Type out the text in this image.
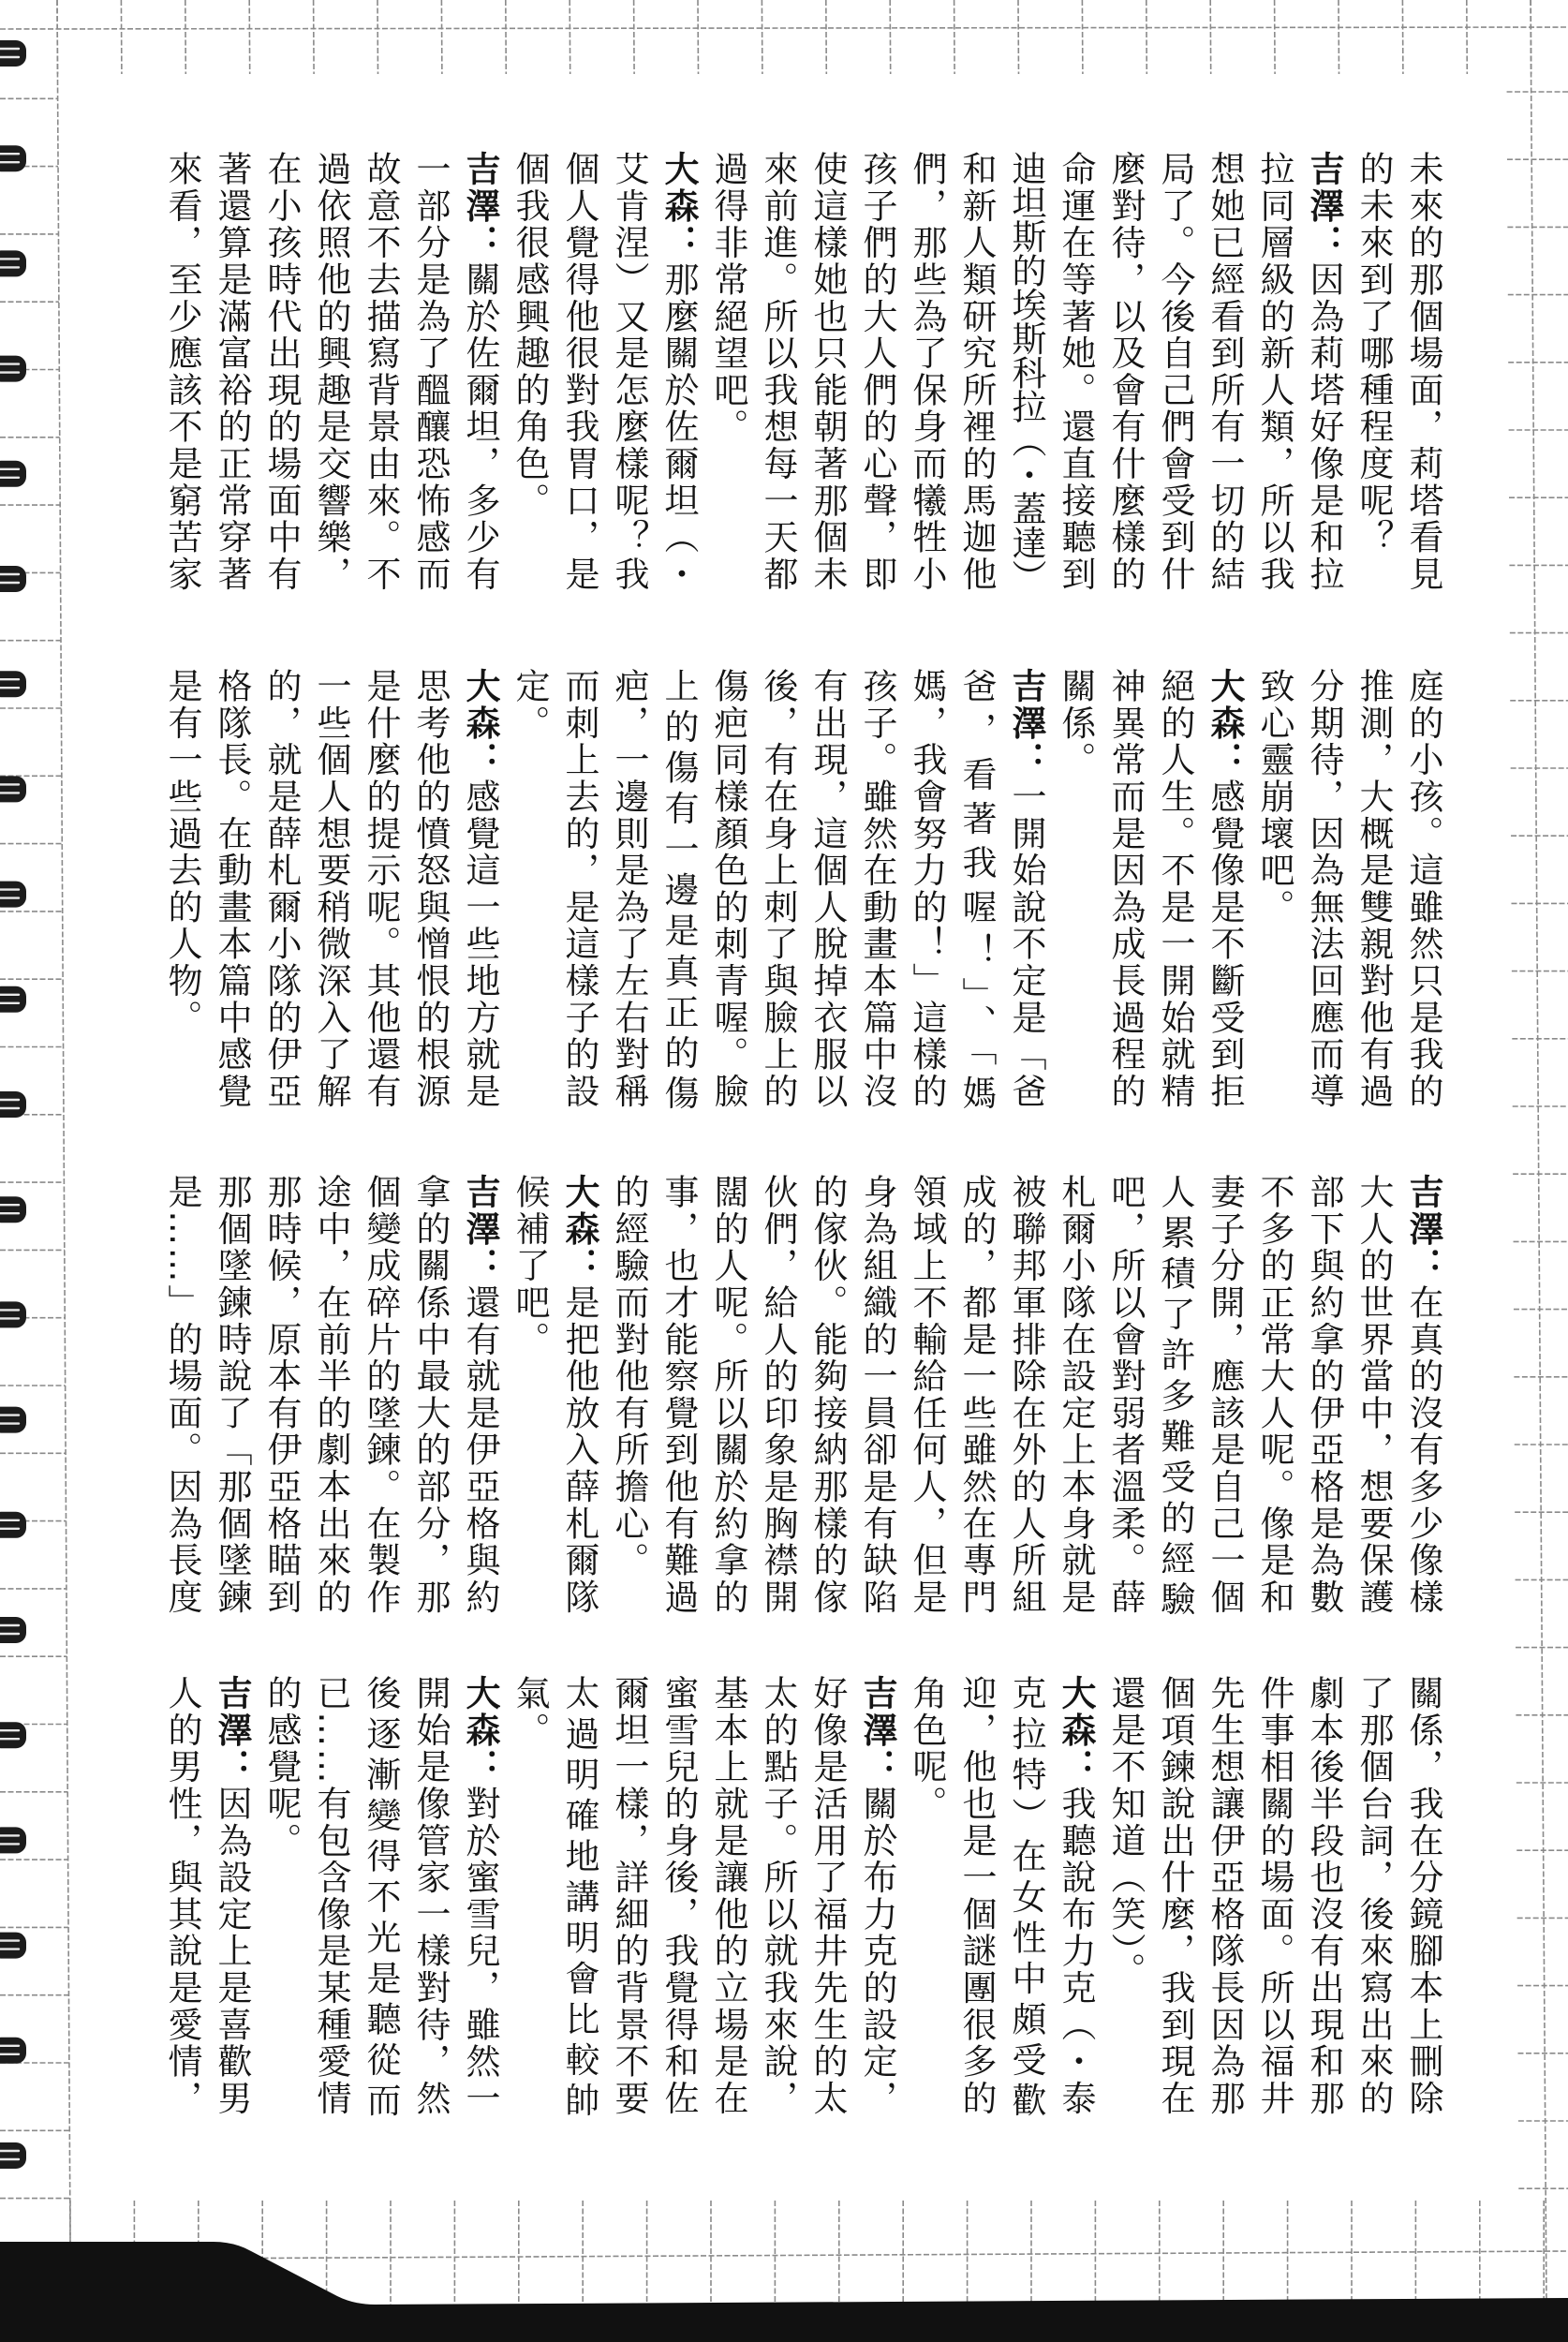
未來的那個場面，莉塔看見
的未來到了哪種程度呢？
吉澤：因為莉塔好像是和拉
拉同層級的新人類，所以我
想她已經看到所有一切的結
局了。今後自己們會受到什
麼對待，以及會有什麼樣的
命運在等著她。還直接聽到
迪坦斯的埃斯科拉（・蓋達）
和新人類研究所裡的馬迦他
們，那些為了保身而犧牲小
孩子們的大人們的心聲，即
使這樣她也只能朝著那個未
來前進。所以我想每一天都
過得非常絕望吧。
大森：那麼關於佐爾坦（・
艾肯涅）又是怎麼樣呢？我
個人覺得他很對我胃口，是
個我很感興趣的角色。
吉澤：關於佐爾坦，多少有
一部分是為了醞釀恐怖感而
故意不去描寫背景由來。不
過依照他的興趣是交響樂，
在小孩時代出現的場面中有
著還算是滿富裕的正常穿著
來看，至少應該不是窮苦家
庭的小孩。這雖然只是我的
推測，大概是雙親對他有過
分期待，因為無法回應而導
致心靈崩壞吧。
大森：感覺像是不斷受到拒
絕的人生。不是一開始就精
神異常而是因為成長過程的
關係。
吉澤：一開始說不定是「爸
爸，看著我喔！」、「媽
媽，我會努力的！」這樣的
孩子。雖然在動畫本篇中沒
有出現，這個人脫掉衣服以
後，有在身上刺了與臉上的
傷疤同樣顏色的刺青喔。臉
上的傷有一邊是真正的傷
疤，一邊則是為了左右對稱
而刺上去的，是這樣子的設
定。
大森：感覺這一些地方就是
思考他的憤怒與憎恨的根源
是什麼的提示呢。其他還有
一些個人想要稍微深入了解
的，就是薛札爾小隊的伊亞
格隊長。在動畫本篇中感覺
是有一些過去的人物。
吉澤：在真的沒有多少像樣
大人的世界當中，想要保護
部下與約拿的伊亞格是為數
不多的正常大人呢。像是和
妻子分開，應該是自己一個
人累積了許多難受的經驗
吧，所以會對弱者溫柔。薛
札爾小隊在設定上本身就是
被聯邦軍排除在外的人所組
成的，都是一些雖然在專門
領域上不輸給任何人，但是
身為組織的一員卻是有缺陷
的傢伙。能夠接納那樣的傢
伙們，給人的印象是胸襟開
闊的人呢。所以關於約拿的
事，也才能察覺到他有難過
的經驗而對他有所擔心。
大森：是把他放入薛札爾隊
候補了吧。
吉澤：還有就是伊亞格與約
拿的關係中最大的部分，那
個變成碎片的墜鍊。在製作
途中，在前半的劇本出來的
那時候，原本有伊亞格瞄到
那個墜鍊時說了「那個墜鍊
是……」的場面。因為長度
關係，我在分鏡腳本上刪除
了那個台詞，後來寫出來的
劇本後半段也沒有出現和那
件事相關的場面。所以福井
先生想讓伊亞格隊長因為那
個項鍊說出什麼，我到現在
還是不知道（笑）。
大森：我聽說布力克（・泰
克拉特）在女性中頗受歡
迎，他也是一個謎團很多的
角色呢。
吉澤：關於布力克的設定，
好像是活用了福井先生的太
太的點子。所以就我來說，
基本上就是讓他的立場是在
蜜雪兒的身後，我覺得和佐
爾坦一樣，詳細的背景不要
太過明確地講明會比較帥
氣。
大森：對於蜜雪兒，雖然一
開始是像管家一樣對待，然
後逐漸變得不光是聽從而
已……有包含像是某種愛情
的感覺呢。
吉澤：因為設定上是喜歡男
人的男性，與其說是愛情，
